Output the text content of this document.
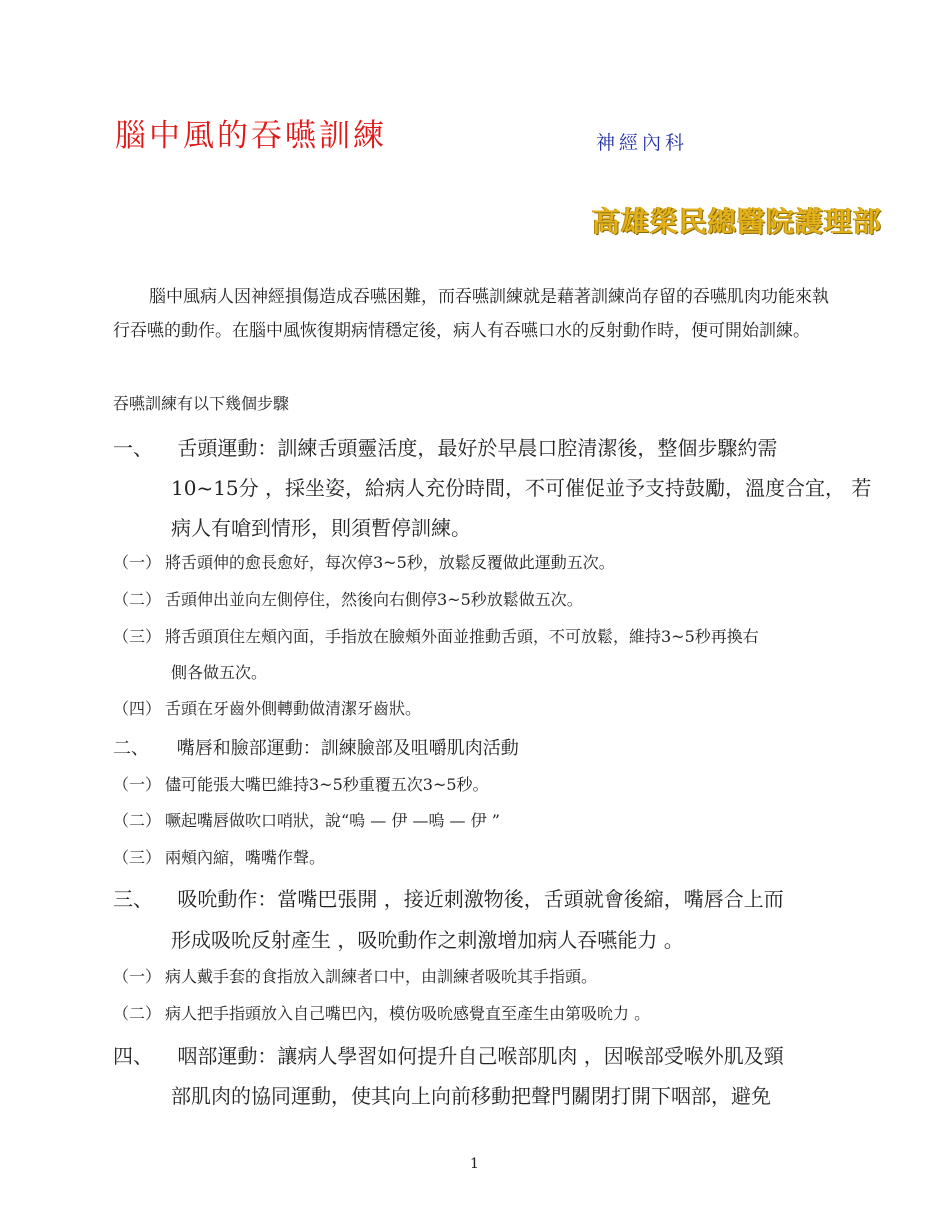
腦中風的吞嚥訓練	神經內科
高雄榮民總醫院護理部
腦中風病人因神經損傷造成吞嚥困難，而吞嚥訓練就是藉著訓練尚存留的吞嚥肌肉功能來執行吞嚥的動作。在腦中風恢復期病情穩定後，病人有吞嚥口水的反射動作時，便可開始訓練。
吞嚥訓練有以下幾個步驟
一、 舌頭運動：訓練舌頭靈活度，最好於早晨口腔清潔後，整個步驟約需
10~15分 ，採坐姿，給病人充份時間，不可催促並予支持鼓勵，溫度合宜， 若
病人有嗆到情形，則須暫停訓練。
（一） 將舌頭伸的愈長愈好，每次停3~5秒，放鬆反覆做此運動五次。
（二） 舌頭伸出並向左側停住，然後向右側停3~5秒放鬆做五次。
（三） 將舌頭頂住左頰內面，手指放在臉頰外面並推動舌頭，不可放鬆，維持3~5秒再換右
側各做五次。
（四） 舌頭在牙齒外側轉動做清潔牙齒狀。
二、 嘴唇和臉部運動：訓練臉部及咀嚼肌肉活動
（一） 儘可能張大嘴巴維持3~5秒重覆五次3~5秒。
（二） 噘起嘴唇做吹口哨狀，說“嗚 — 伊 —嗚 — 伊 ”
（三） 兩頰內縮，嘴嘴作聲。
三、 吸吮動作：當嘴巴張開 ，接近刺激物後，舌頭就會後縮，嘴唇合上而
形成吸吮反射產生 ，吸吮動作之刺激增加病人吞嚥能力 。
（一） 病人戴手套的食指放入訓練者口中，由訓練者吸吮其手指頭。
（二） 病人把手指頭放入自己嘴巴內，模仿吸吮感覺直至產生由第吸吮力 。
四、 咽部運動：讓病人學習如何提升自己喉部肌肉 ，因喉部受喉外肌及頸
部肌肉的協同運動，使其向上向前移動把聲門關閉打開下咽部，避免
1
